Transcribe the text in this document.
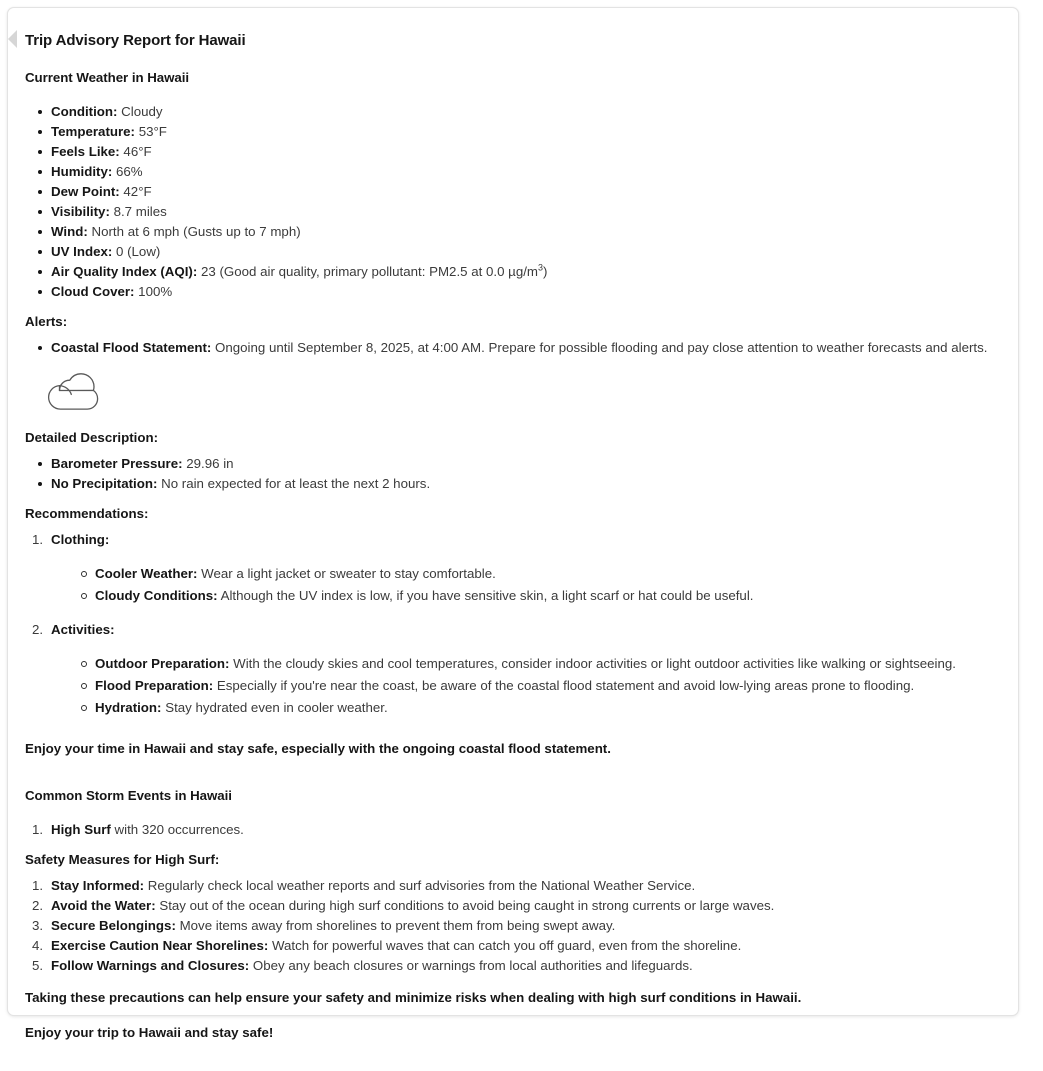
Trip Advisory Report for Hawaii
Current Weather in Hawaii
Condition: Cloudy
Temperature: 53°F
Feels Like: 46°F
Humidity: 66%
Dew Point: 42°F
Visibility: 8.7 miles
Wind: North at 6 mph (Gusts up to 7 mph)
UV Index: 0 (Low)
Air Quality Index (AQI): 23 (Good air quality, primary pollutant: PM2.5 at 0.0 $\mu g/m^3$)
Cloud Cover: 100%
Alerts:
Coastal Flood Statement: Ongoing until September 8, 2025, at 4:00 AM. Prepare for possible flooding and pay close attention to weather forecasts and alerts.
Detailed Description:
Barometer Pressure: 29.96 in
No Precipitation: No rain expected for at least the next 2 hours.
Recommendations:
Clothing:
Cooler Weather: Wear a light jacket or sweater to stay comfortable.
Cloudy Conditions: Although the UV index is low, if you have sensitive skin, a light scarf or hat could be useful.
Activities:
Outdoor Preparation: With the cloudy skies and cool temperatures, consider indoor activities or light outdoor activities like walking or sightseeing.
Flood Preparation: Especially if you're near the coast, be aware of the coastal flood statement and avoid low-lying areas prone to flooding.
Hydration: Stay hydrated even in cooler weather.
Enjoy your time in Hawaii and stay safe, especially with the ongoing coastal flood statement.
Common Storm Events in Hawaii
High Surf with 320 occurrences.
Safety Measures for High Surf:
Stay Informed: Regularly check local weather reports and surf advisories from the National Weather Service.
Avoid the Water: Stay out of the ocean during high surf conditions to avoid being caught in strong currents or large waves.
Secure Belongings: Move items away from shorelines to prevent them from being swept away.
Exercise Caution Near Shorelines: Watch for powerful waves that can catch you off guard, even from the shoreline.
Follow Warnings and Closures: Obey any beach closures or warnings from local authorities and lifeguards.
Taking these precautions can help ensure your safety and minimize risks when dealing with high surf conditions in Hawaii.
Enjoy your trip to Hawaii and stay safe!
